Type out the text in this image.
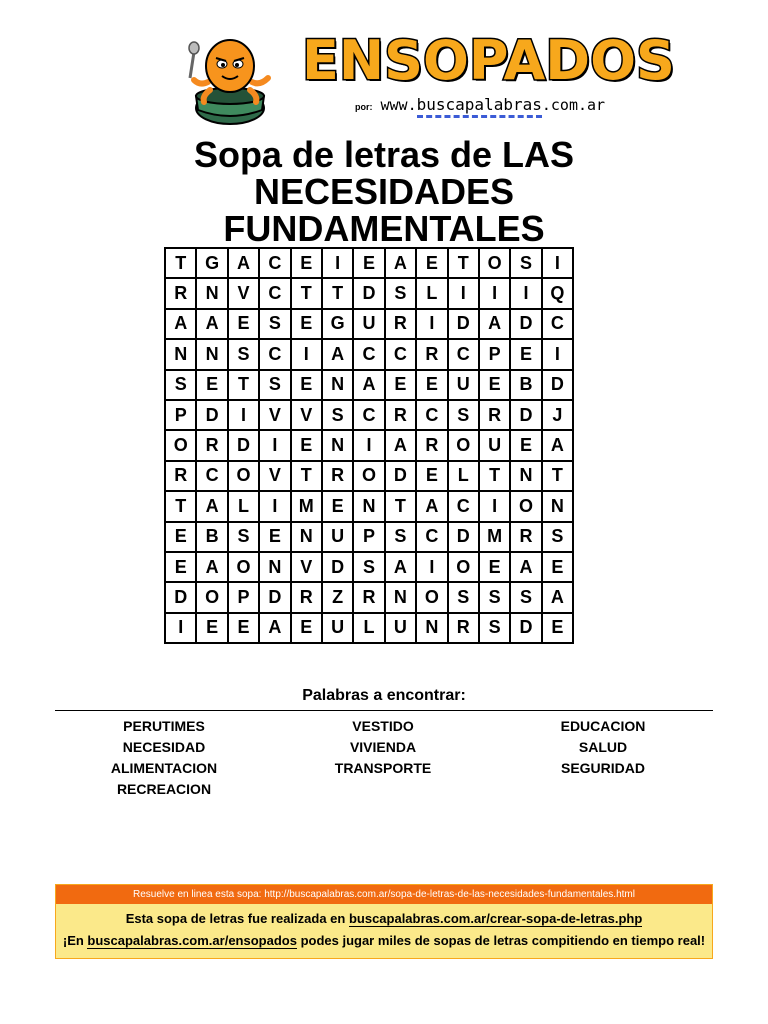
ENSOPADOS
por: www.buscapalabras.com.ar
Sopa de letras de LAS
NECESIDADES
FUNDAMENTALES
T	G	A	C	E	I	E	A	E	T	O	S	I
R	N	V	C	T	T	D	S	L	I	I	I	Q
A	A	E	S	E	G	U	R	I	D	A	D	C
N	N	S	C	I	A	C	C	R	C	P	E	I
S	E	T	S	E	N	A	E	E	U	E	B	D
P	D	I	V	V	S	C	R	C	S	R	D	J
O	R	D	I	E	N	I	A	R	O	U	E	A
R	C	O	V	T	R	O	D	E	L	T	N	T
T	A	L	I	M	E	N	T	A	C	I	O	N
E	B	S	E	N	U	P	S	C	D	M	R	S
E	A	O	N	V	D	S	A	I	O	E	A	E
D	O	P	D	R	Z	R	N	O	S	S	S	A
I	E	E	A	E	U	L	U	N	R	S	D	E
Palabras a encontrar:
PERUTIMES
NECESIDAD
ALIMENTACION
RECREACION
VESTIDO
VIVIENDA
TRANSPORTE
EDUCACION
SALUD
SEGURIDAD
Resuelve en linea esta sopa: http://buscapalabras.com.ar/sopa-de-letras-de-las-necesidades-fundamentales.html
Esta sopa de letras fue realizada en buscapalabras.com.ar/crear-sopa-de-letras.php
¡En buscapalabras.com.ar/ensopados podes jugar miles de sopas de letras compitiendo en tiempo real!
